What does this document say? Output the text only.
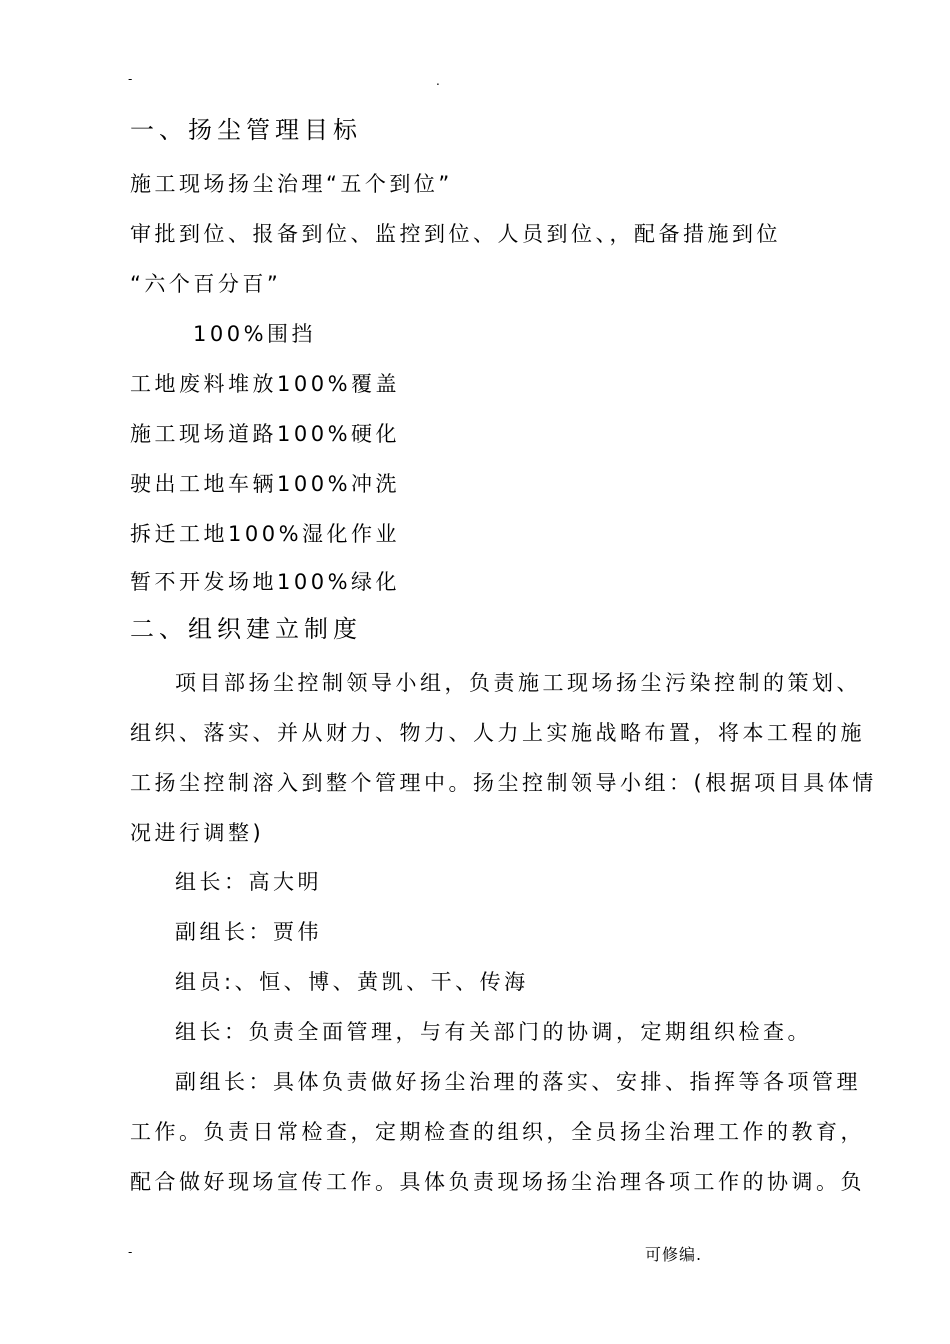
-	.
一、扬尘管理目标
施工现场扬尘治理“五个到位”
审批到位、报备到位、监控到位、人员到位、，配备措施到位
“六个百分百”
100%围挡
工地废料堆放100%覆盖
施工现场道路100%硬化
驶出工地车辆100%冲洗
拆迁工地100%湿化作业
暂不开发场地100%绿化
二、组织建立制度
项目部扬尘控制领导小组，负责施工现场扬尘污染控制的策划、
组织、落实、并从财力、物力、人力上实施战略布置，将本工程的施
工扬尘控制溶入到整个管理中。扬尘控制领导小组：(根据项目具体情
况进行调整)
组长：高大明
副组长：贾伟
组员:、恒、博、黄凯、干、传海
组长：负责全面管理，与有关部门的协调，定期组织检查。
副组长：具体负责做好扬尘治理的落实、安排、指挥等各项管理
工作。负责日常检查，定期检查的组织，全员扬尘治理工作的教育，
配合做好现场宣传工作。具体负责现场扬尘治理各项工作的协调。负
-	可修编.
